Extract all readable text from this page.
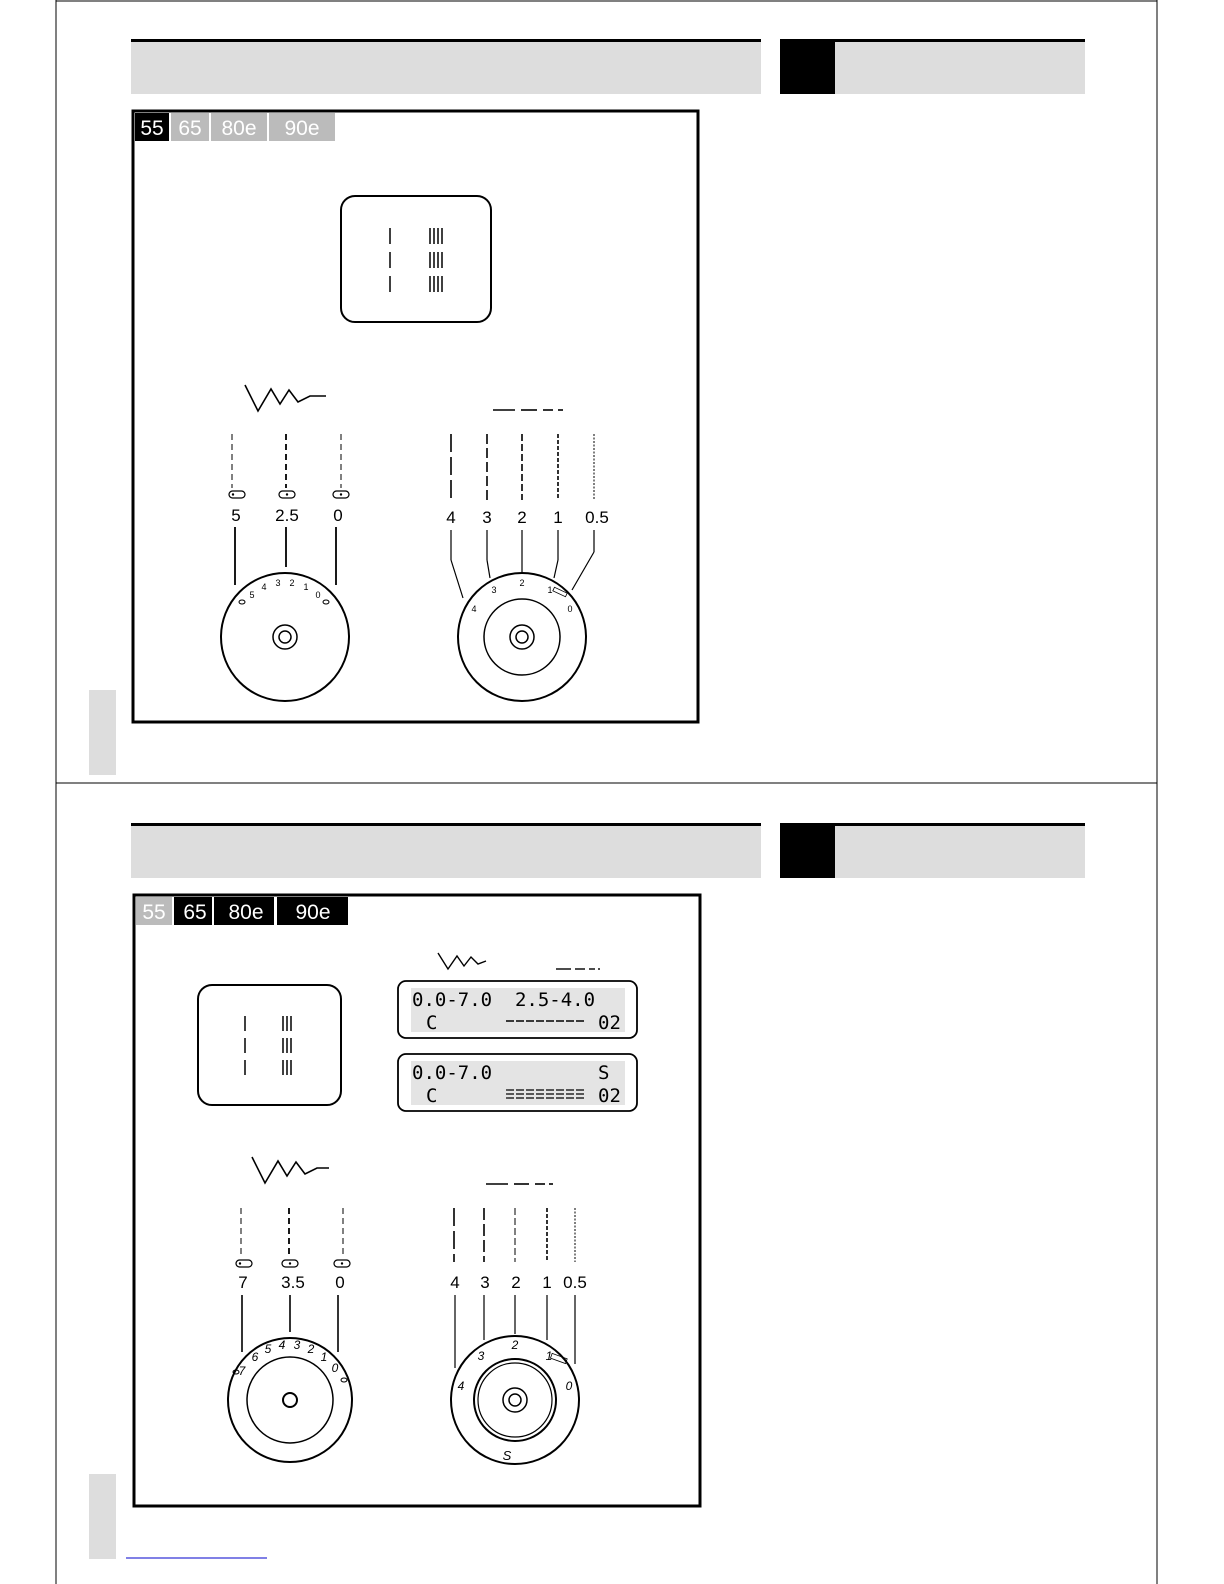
55 65 80e 90e
5 2.5 0
5
4 3 2 1
0
4 3 2 1 0.5
4
3
2
1
0
55 65 80e 90e
0.0-7.0  2.5-4.0
C	02
0.0-7.0	S
C	02
7 3.5 0
7
6
5 4 3 2
1
0
4 3 2 1 0.5
4
3
2
1
0
S
